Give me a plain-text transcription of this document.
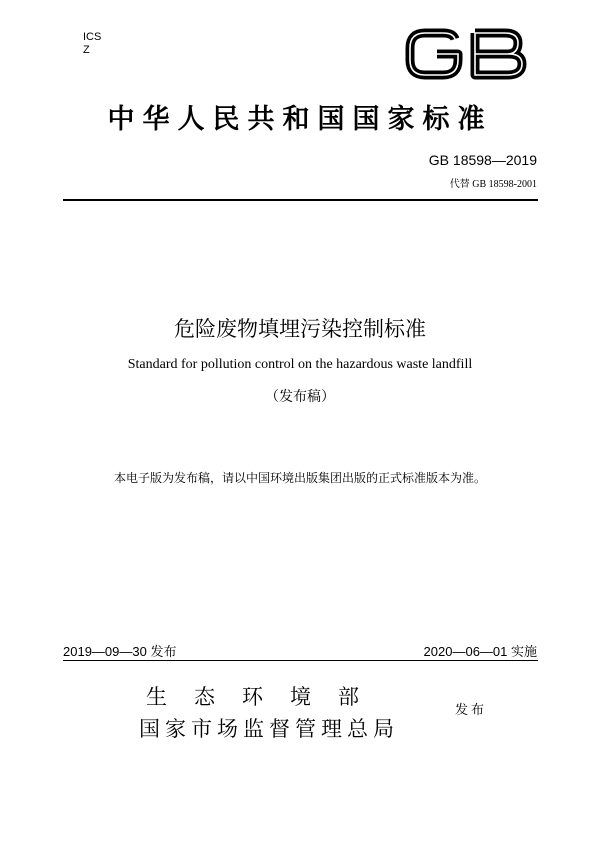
ICS
Z
中华人民共和国国家标准
GB 18598—2019
代替 GB 18598-2001
危险废物填埋污染控制标准
Standard for pollution control on the hazardous waste landfill
（发布稿）
本电子版为发布稿，请以中国环境出版集团出版的正式标准版本为准。
2019—09—30 发布	2020—06—01 实施
生态环境部
国家市场监督管理总局
发布
